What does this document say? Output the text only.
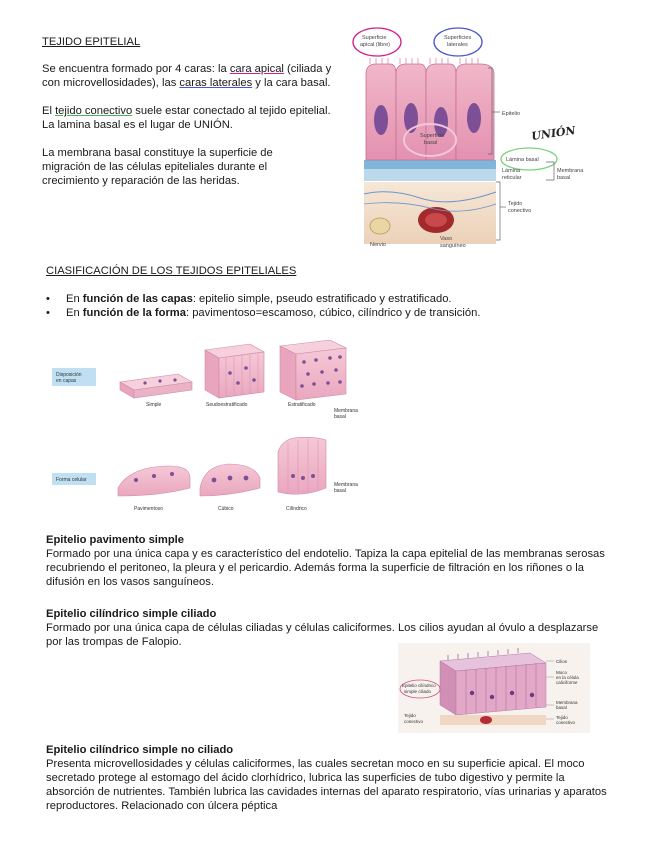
TEJIDO EPITELIAL

Se encuentra formado por 4 caras: la cara apical (ciliada y con microvellosidades), las caras laterales y la cara basal.

El tejido conectivo suele estar conectado al tejido epitelial.

La lamina basal es el lugar de UNIÓN.

La membrana basal constituye la superficie de migración de las células epiteliales durante el crecimiento y reparación de las heridas.

Superficie
apical (libre)
Superficies
laterales
Epitelio
Superficie
basal
UNIÓN
Lámina basal
Lámina
reticular
Membrana
basal
Tejido
conectivo
Nervio
Vaso
sanguíneo

CIASIFICACIÓN DE LOS TEJIDOS EPITELIALES

• En función de las capas: epitelio simple, pseudo estratificado y estratificado.
• En función de la forma: pavimentoso=escamoso, cúbico, cilíndrico y de transición.
Disposición
en capas
Simple	Seudoestratificado	Estratificado
Membrana
basal
Forma celular
Pavimentoso	Cúbico	Cilíndrico
Membrana
basal

Epitelio pavimento simple

Formado por una única capa y es característico del endotelio. Tapiza la capa epitelial de las membranas serosas recubriendo el peritoneo, la pleura y el pericardio. Además forma la superficie de filtración en los riñones o la difusión en los vasos sanguíneos.

Epitelio cilíndrico simple ciliado

Formado por una única capa de células ciliadas y células caliciformes. Los cilios ayudan al óvulo a desplazarse por las trompas de Falopio.

Epitelio cilíndrico
simple ciliado
Tejido
conectivo
Cilios
Moco
en la célula
caliciforme
Membrana
basal
Tejido
conectivo

Epitelio cilíndrico simple no ciliado

Presenta microvellosidades y células caliciformes, las cuales secretan moco en su superficie apical. El moco secretado protege al estomago del ácido clorhídrico, lubrica las superficies de tubo digestivo y permite la absorción de nutrientes. También lubrica las cavidades internas del aparato respiratorio, vías urinarias y aparatos reproductores. Relacionado con úlcera péptica
